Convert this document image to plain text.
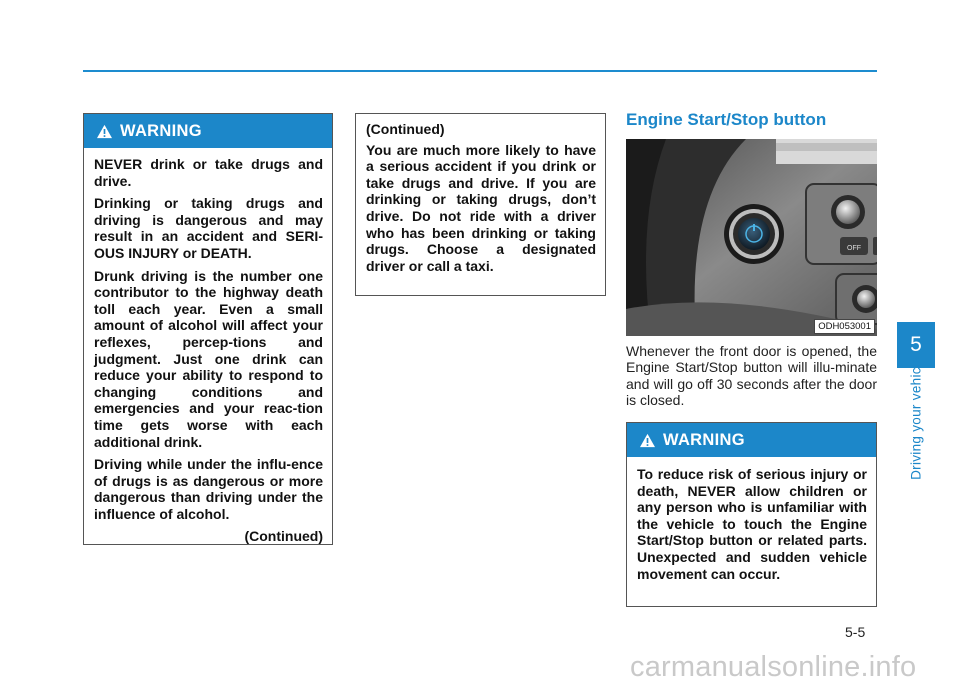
WARNING

NEVER drink or take drugs and drive.

Drinking or taking drugs and driving is dangerous and may result in an accident and SERI-OUS INJURY or DEATH.

Drunk driving is the number one contributor to the highway death toll each year. Even a small amount of alcohol will affect your reflexes, percep-tions and judgment. Just one drink can reduce your ability to respond to changing conditions and emergencies and your reac-tion time gets worse with each additional drink.

Driving while under the influ-ence of drugs is as dangerous or more dangerous than driving under the influence of alcohol.

(Continued)

(Continued)

You are much more likely to have a serious accident if you drink or take drugs and drive. If you are drinking or taking drugs, don’t drive. Do not ride with a driver who has been drinking or taking drugs. Choose a designated driver or call a taxi.

Engine Start/Stop button
OFF
ODH053001
Whenever the front door is opened, the Engine Start/Stop button will illu-minate and will go off 30 seconds after the door is closed.
WARNING

To reduce risk of serious injury or death, NEVER allow children or any person who is unfamiliar with the vehicle to touch the Engine Start/Stop button or related parts. Unexpected and sudden vehicle movement can occur.

5
Driving your vehicle
5-5
carmanualsonline.info
